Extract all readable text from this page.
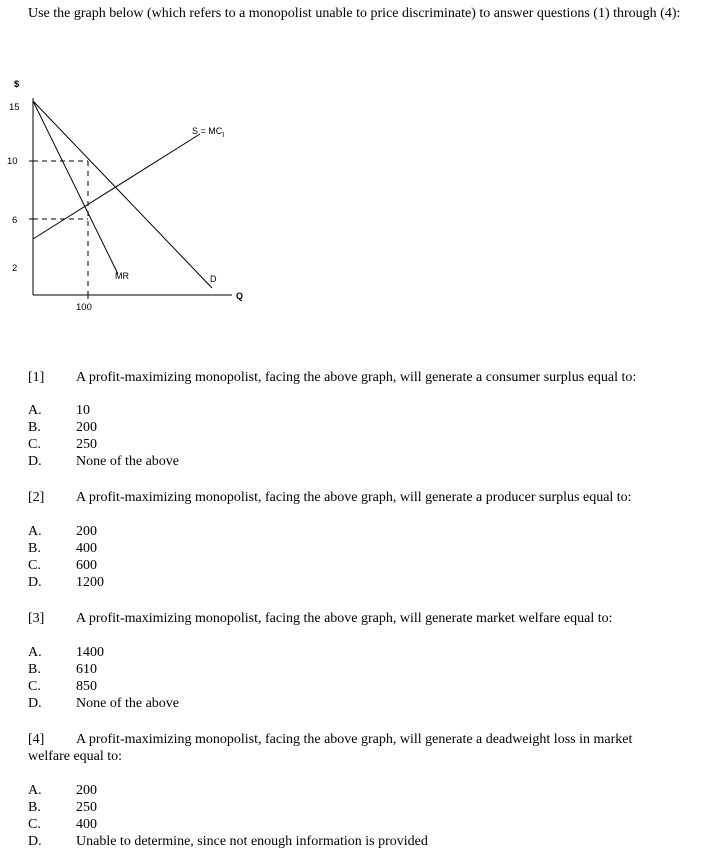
Use the graph below (which refers to a monopolist unable to price discriminate) to answer questions (1) through (4):
$
15
10
6
2
100
Q
$S = MC_I$
MR	D
[1] A profit-maximizing monopolist, facing the above graph, will generate a consumer surplus equal to:
A. 10
B.	200
C.	250
D. None of the above
[2] A profit-maximizing monopolist, facing the above graph, will generate a producer surplus equal to:
A. 200
B.	400
C.	600
D. 1200
[3] A profit-maximizing monopolist, facing the above graph, will generate market welfare equal to:
A. 1400
B.	610
C.	850
D. None of the above
[4]	A profit-maximizing monopolist, facing the above graph, will generate a deadweight loss in market welfare equal to:
A. 200
B.	250
C.	400
D. Unable to determine, since not enough information is provided
